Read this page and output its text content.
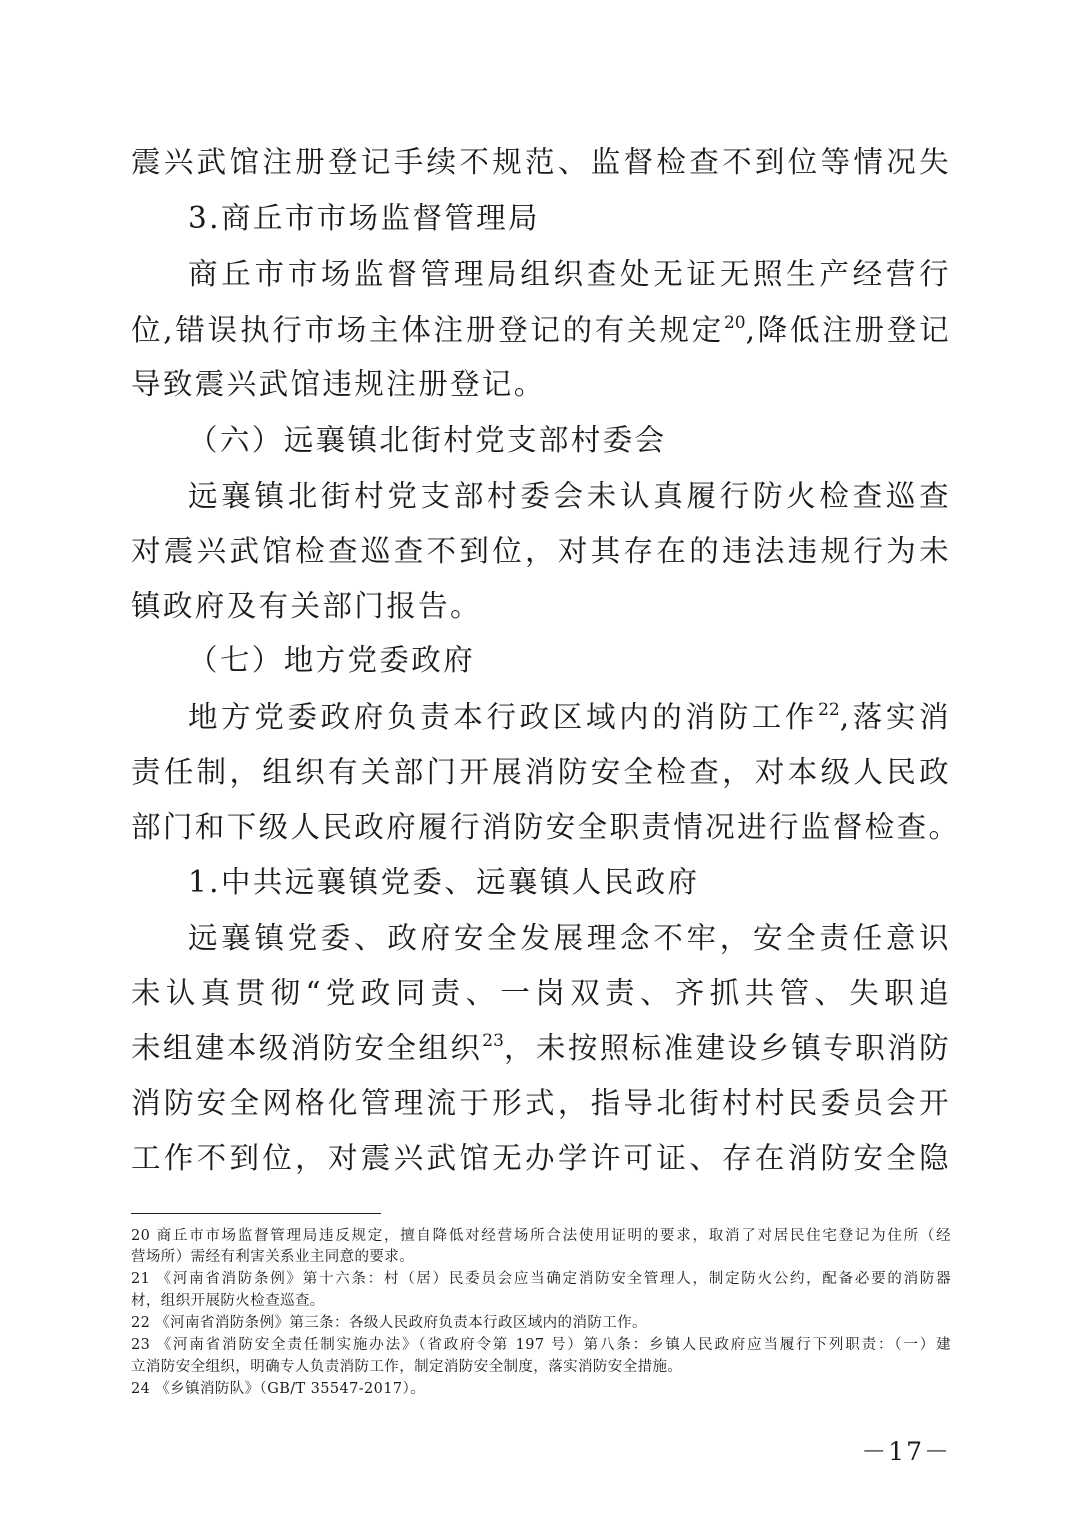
震兴武馆注册登记手续不规范、监督检查不到位等情况失
3.商丘市市场监督管理局
商丘市市场监督管理局组织查处无证无照生产经营行
位,错误执行市场主体注册登记的有关规定$^{20}$,降低注册登记
导致震兴武馆违规注册登记。
（六）远襄镇北街村党支部村委会
远襄镇北街村党支部村委会未认真履行防火检查巡查
对震兴武馆检查巡查不到位，对其存在的违法违规行为未
镇政府及有关部门报告。
（七）地方党委政府
地方党委政府负责本行政区域内的消防工作$^{22}$,落实消
责任制，组织有关部门开展消防安全检查，对本级人民政
部门和下级人民政府履行消防安全职责情况进行监督检查。
1.中共远襄镇党委、远襄镇人民政府
远襄镇党委、政府安全发展理念不牢，安全责任意识
未认真贯彻“党政同责、一岗双责、齐抓共管、失职追
未组建本级消防安全组织$^{23}$，未按照标准建设乡镇专职消防
消防安全网格化管理流于形式，指导北街村村民委员会开
工作不到位，对震兴武馆无办学许可证、存在消防安全隐
20 商丘市市场监督管理局违反规定，擅自降低对经营场所合法使用证明的要求，取消了对居民住宅登记为住所（经
营场所）需经有利害关系业主同意的要求。
21 《河南省消防条例》第十六条：村（居）民委员会应当确定消防安全管理人，制定防火公约，配备必要的消防器
材，组织开展防火检查巡查。
22 《河南省消防条例》第三条：各级人民政府负责本行政区域内的消防工作。
23 《河南省消防安全责任制实施办法》（省政府令第 197 号）第八条：乡镇人民政府应当履行下列职责：（一）建
立消防安全组织，明确专人负责消防工作，制定消防安全制度，落实消防安全措施。
24 《乡镇消防队》（GB/T 35547-2017）。
－17－
